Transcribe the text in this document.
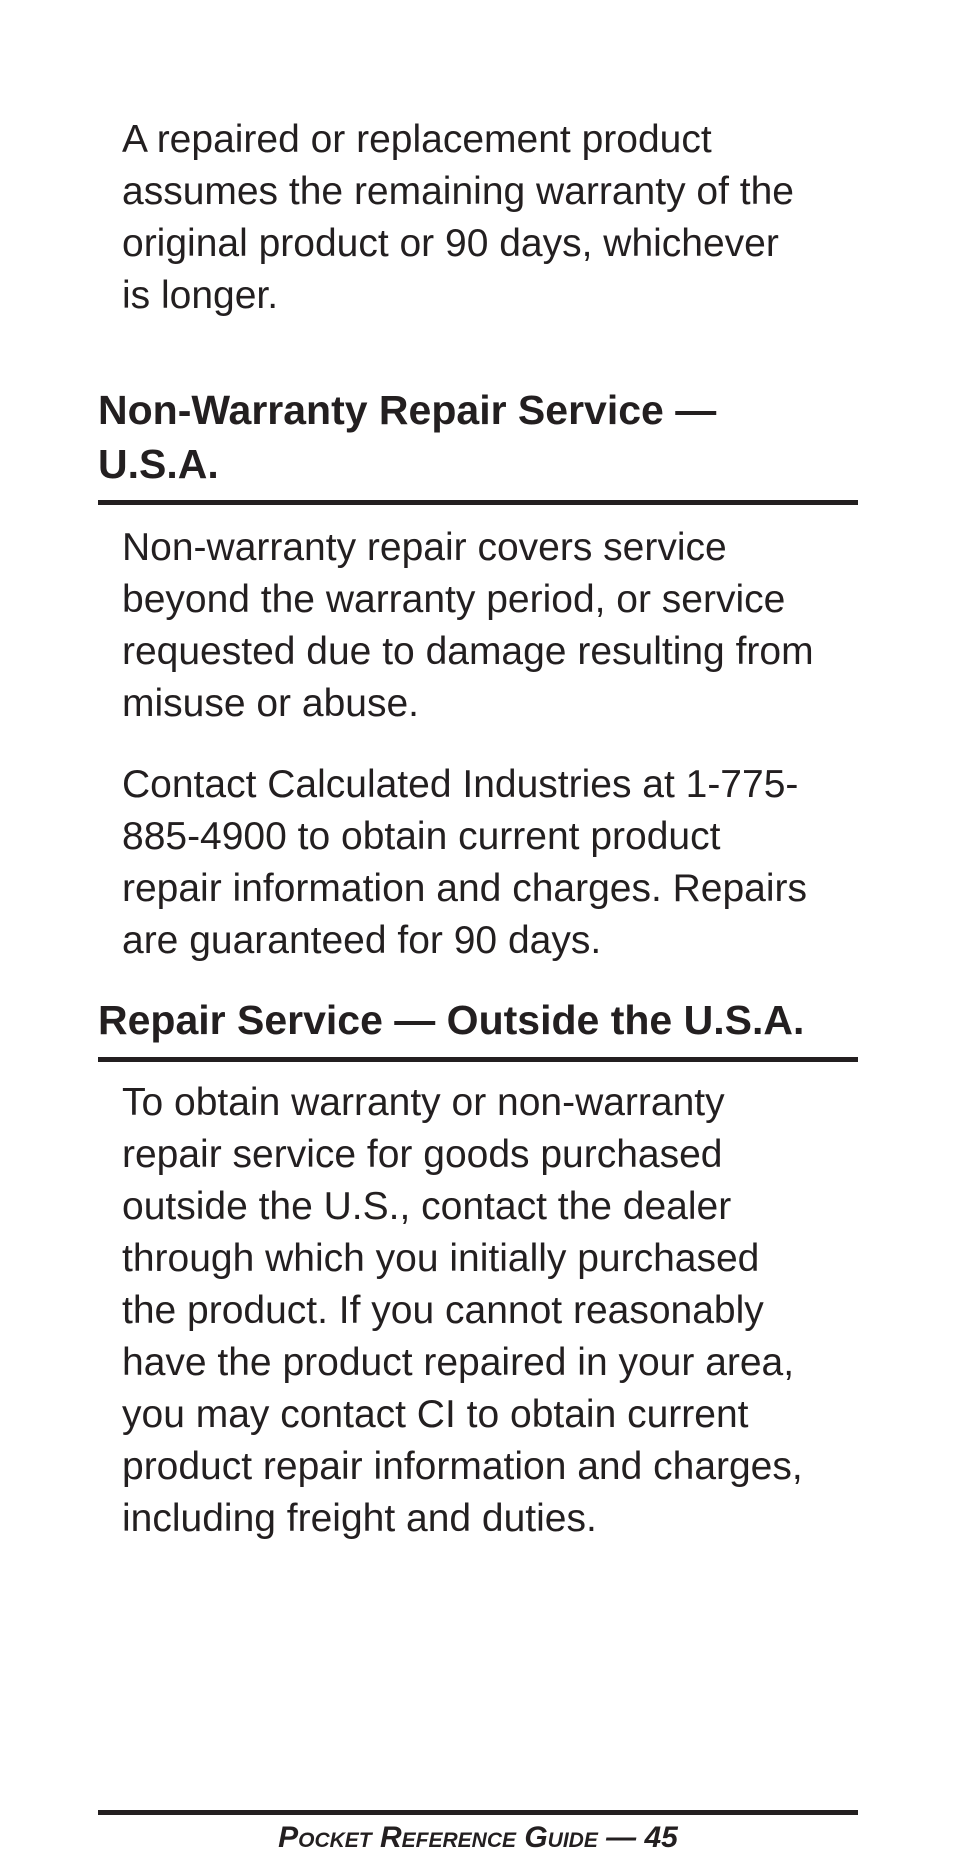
A repaired or replacement product
assumes the remaining warranty of the
original product or 90 days, whichever
is longer.

Non-Warranty Repair Service —
U.S.A.

Non-warranty repair covers service
beyond the warranty period, or service
requested due to damage resulting from
misuse or abuse.

Contact Calculated Industries at 1-775-
885-4900 to obtain current product
repair information and charges. Repairs
are guaranteed for 90 days.

Repair Service — Outside the U.S.A.

To obtain warranty or non-warranty
repair service for goods purchased
outside the U.S., contact the dealer
through which you initially purchased
the product. If you cannot reasonably
have the product repaired in your area,
you may contact CI to obtain current
product repair information and charges,
including freight and duties.

Pocket Reference Guide — 45
